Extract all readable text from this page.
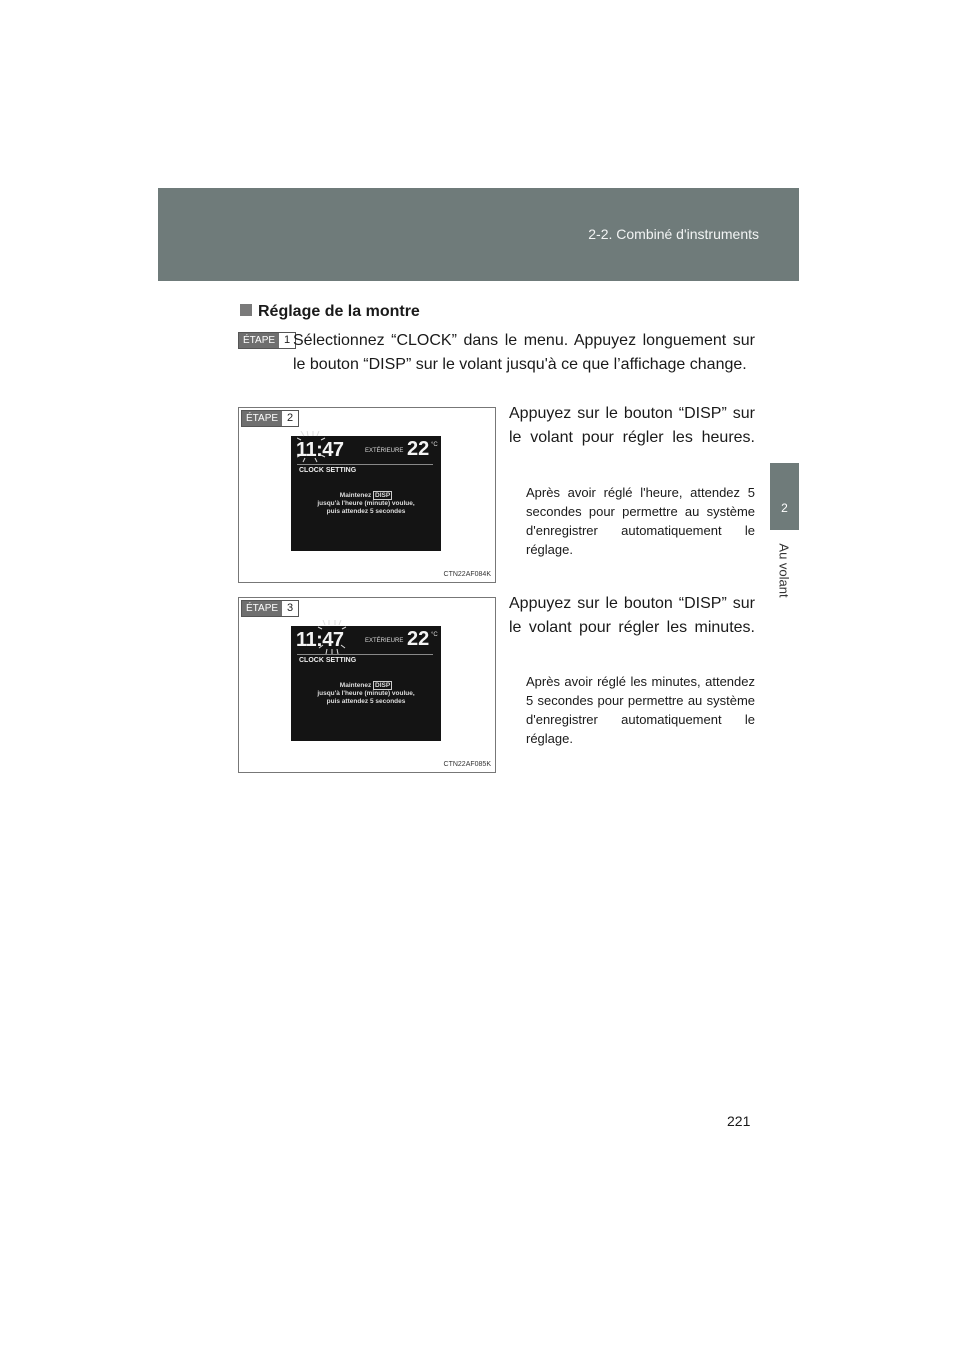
2-2. Combiné d'instruments
2
Au volant
Réglage de la montre
ÉTAPE 1 Sélectionnez “CLOCK” dans le menu. Appuyez longuement sur le bouton “DISP” sur le volant jusqu'à ce que l’affichage change.
ÉTAPE 2
11:47	EXTÉRIEURE 22 °C
CLOCK SETTING
Maintenez DISP
jusqu'à l'heure (minute) voulue,
puis attendez 5 secondes
CTN22AF084K
Appuyez sur le bouton “DISP” sur le volant pour régler les heures.
Après avoir réglé l'heure, attendez 5 secondes pour permettre au système d'enregistrer automatiquement le réglage.
ÉTAPE 3
11:47	EXTÉRIEURE 22 °C
CLOCK SETTING
Maintenez DISP
jusqu'à l'heure (minute) voulue,
puis attendez 5 secondes
CTN22AF085K
Appuyez sur le bouton “DISP” sur le volant pour régler les minutes.
Après avoir réglé les minutes, attendez 5 secondes pour permettre au système d'enregistrer automatiquement le réglage.
221
